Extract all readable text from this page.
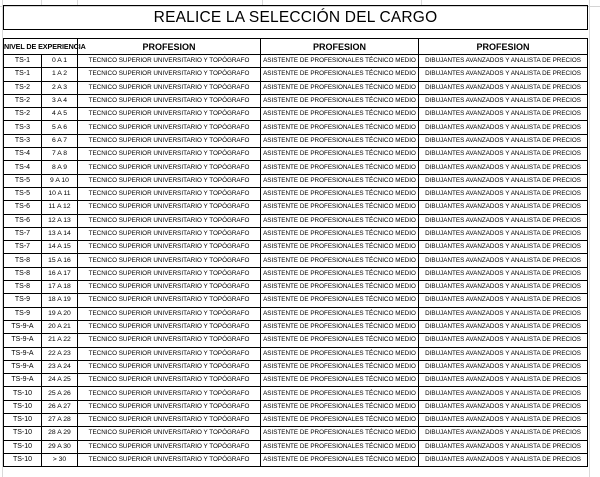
REALICE LA SELECCIÓN DEL CARGO
NIVEL DE EXPERIENCIA		PROFESION	PROFESION	PROFESION
TS-1	0 A 1	TECNICO SUPERIOR UNIVERSITARIO Y TOPÓGRAFO	ASISTENTE DE PROFESIONALES TÉCNICO MEDIO	DIBUJANTES AVANZADOS Y ANALISTA DE PRECIOS
TS-1	1 A 2	TECNICO SUPERIOR UNIVERSITARIO Y TOPÓGRAFO	ASISTENTE DE PROFESIONALES TÉCNICO MEDIO	DIBUJANTES AVANZADOS Y ANALISTA DE PRECIOS
TS-2	2 A 3	TECNICO SUPERIOR UNIVERSITARIO Y TOPÓGRAFO	ASISTENTE DE PROFESIONALES TÉCNICO MEDIO	DIBUJANTES AVANZADOS Y ANALISTA DE PRECIOS
TS-2	3 A 4	TECNICO SUPERIOR UNIVERSITARIO Y TOPÓGRAFO	ASISTENTE DE PROFESIONALES TÉCNICO MEDIO	DIBUJANTES AVANZADOS Y ANALISTA DE PRECIOS
TS-2	4 A 5	TECNICO SUPERIOR UNIVERSITARIO Y TOPÓGRAFO	ASISTENTE DE PROFESIONALES TÉCNICO MEDIO	DIBUJANTES AVANZADOS Y ANALISTA DE PRECIOS
TS-3	5 A 6	TECNICO SUPERIOR UNIVERSITARIO Y TOPÓGRAFO	ASISTENTE DE PROFESIONALES TÉCNICO MEDIO	DIBUJANTES AVANZADOS Y ANALISTA DE PRECIOS
TS-3	6 A 7	TECNICO SUPERIOR UNIVERSITARIO Y TOPÓGRAFO	ASISTENTE DE PROFESIONALES TÉCNICO MEDIO	DIBUJANTES AVANZADOS Y ANALISTA DE PRECIOS
TS-4	7 A 8	TECNICO SUPERIOR UNIVERSITARIO Y TOPÓGRAFO	ASISTENTE DE PROFESIONALES TÉCNICO MEDIO	DIBUJANTES AVANZADOS Y ANALISTA DE PRECIOS
TS-4	8 A 9	TECNICO SUPERIOR UNIVERSITARIO Y TOPÓGRAFO	ASISTENTE DE PROFESIONALES TÉCNICO MEDIO	DIBUJANTES AVANZADOS Y ANALISTA DE PRECIOS
TS-5	9 A 10	TECNICO SUPERIOR UNIVERSITARIO Y TOPÓGRAFO	ASISTENTE DE PROFESIONALES TÉCNICO MEDIO	DIBUJANTES AVANZADOS Y ANALISTA DE PRECIOS
TS-5	10 A 11	TECNICO SUPERIOR UNIVERSITARIO Y TOPÓGRAFO	ASISTENTE DE PROFESIONALES TÉCNICO MEDIO	DIBUJANTES AVANZADOS Y ANALISTA DE PRECIOS
TS-6	11 A 12	TECNICO SUPERIOR UNIVERSITARIO Y TOPÓGRAFO	ASISTENTE DE PROFESIONALES TÉCNICO MEDIO	DIBUJANTES AVANZADOS Y ANALISTA DE PRECIOS
TS-6	12 A 13	TECNICO SUPERIOR UNIVERSITARIO Y TOPÓGRAFO	ASISTENTE DE PROFESIONALES TÉCNICO MEDIO	DIBUJANTES AVANZADOS Y ANALISTA DE PRECIOS
TS-7	13 A 14	TECNICO SUPERIOR UNIVERSITARIO Y TOPÓGRAFO	ASISTENTE DE PROFESIONALES TÉCNICO MEDIO	DIBUJANTES AVANZADOS Y ANALISTA DE PRECIOS
TS-7	14 A 15	TECNICO SUPERIOR UNIVERSITARIO Y TOPÓGRAFO	ASISTENTE DE PROFESIONALES TÉCNICO MEDIO	DIBUJANTES AVANZADOS Y ANALISTA DE PRECIOS
TS-8	15 A 16	TECNICO SUPERIOR UNIVERSITARIO Y TOPÓGRAFO	ASISTENTE DE PROFESIONALES TÉCNICO MEDIO	DIBUJANTES AVANZADOS Y ANALISTA DE PRECIOS
TS-8	16 A 17	TECNICO SUPERIOR UNIVERSITARIO Y TOPÓGRAFO	ASISTENTE DE PROFESIONALES TÉCNICO MEDIO	DIBUJANTES AVANZADOS Y ANALISTA DE PRECIOS
TS-8	17 A 18	TECNICO SUPERIOR UNIVERSITARIO Y TOPÓGRAFO	ASISTENTE DE PROFESIONALES TÉCNICO MEDIO	DIBUJANTES AVANZADOS Y ANALISTA DE PRECIOS
TS-9	18 A 19	TECNICO SUPERIOR UNIVERSITARIO Y TOPÓGRAFO	ASISTENTE DE PROFESIONALES TÉCNICO MEDIO	DIBUJANTES AVANZADOS Y ANALISTA DE PRECIOS
TS-9	19 A 20	TECNICO SUPERIOR UNIVERSITARIO Y TOPÓGRAFO	ASISTENTE DE PROFESIONALES TÉCNICO MEDIO	DIBUJANTES AVANZADOS Y ANALISTA DE PRECIOS
TS-9-A	20 A 21	TECNICO SUPERIOR UNIVERSITARIO Y TOPÓGRAFO	ASISTENTE DE PROFESIONALES TÉCNICO MEDIO	DIBUJANTES AVANZADOS Y ANALISTA DE PRECIOS
TS-9-A	21 A 22	TECNICO SUPERIOR UNIVERSITARIO Y TOPÓGRAFO	ASISTENTE DE PROFESIONALES TÉCNICO MEDIO	DIBUJANTES AVANZADOS Y ANALISTA DE PRECIOS
TS-9-A	22 A 23	TECNICO SUPERIOR UNIVERSITARIO Y TOPÓGRAFO	ASISTENTE DE PROFESIONALES TÉCNICO MEDIO	DIBUJANTES AVANZADOS Y ANALISTA DE PRECIOS
TS-9-A	23 A 24	TECNICO SUPERIOR UNIVERSITARIO Y TOPÓGRAFO	ASISTENTE DE PROFESIONALES TÉCNICO MEDIO	DIBUJANTES AVANZADOS Y ANALISTA DE PRECIOS
TS-9-A	24 A 25	TECNICO SUPERIOR UNIVERSITARIO Y TOPÓGRAFO	ASISTENTE DE PROFESIONALES TÉCNICO MEDIO	DIBUJANTES AVANZADOS Y ANALISTA DE PRECIOS
TS-10	25 A 26	TECNICO SUPERIOR UNIVERSITARIO Y TOPÓGRAFO	ASISTENTE DE PROFESIONALES TÉCNICO MEDIO	DIBUJANTES AVANZADOS Y ANALISTA DE PRECIOS
TS-10	26 A 27	TECNICO SUPERIOR UNIVERSITARIO Y TOPÓGRAFO	ASISTENTE DE PROFESIONALES TÉCNICO MEDIO	DIBUJANTES AVANZADOS Y ANALISTA DE PRECIOS
TS-10	27 A 28	TECNICO SUPERIOR UNIVERSITARIO Y TOPÓGRAFO	ASISTENTE DE PROFESIONALES TÉCNICO MEDIO	DIBUJANTES AVANZADOS Y ANALISTA DE PRECIOS
TS-10	28 A 29	TECNICO SUPERIOR UNIVERSITARIO Y TOPÓGRAFO	ASISTENTE DE PROFESIONALES TÉCNICO MEDIO	DIBUJANTES AVANZADOS Y ANALISTA DE PRECIOS
TS-10	29 A 30	TECNICO SUPERIOR UNIVERSITARIO Y TOPÓGRAFO	ASISTENTE DE PROFESIONALES TÉCNICO MEDIO	DIBUJANTES AVANZADOS Y ANALISTA DE PRECIOS
TS-10	> 30	TECNICO SUPERIOR UNIVERSITARIO Y TOPÓGRAFO	ASISTENTE DE PROFESIONALES TÉCNICO MEDIO	DIBUJANTES AVANZADOS Y ANALISTA DE PRECIOS
